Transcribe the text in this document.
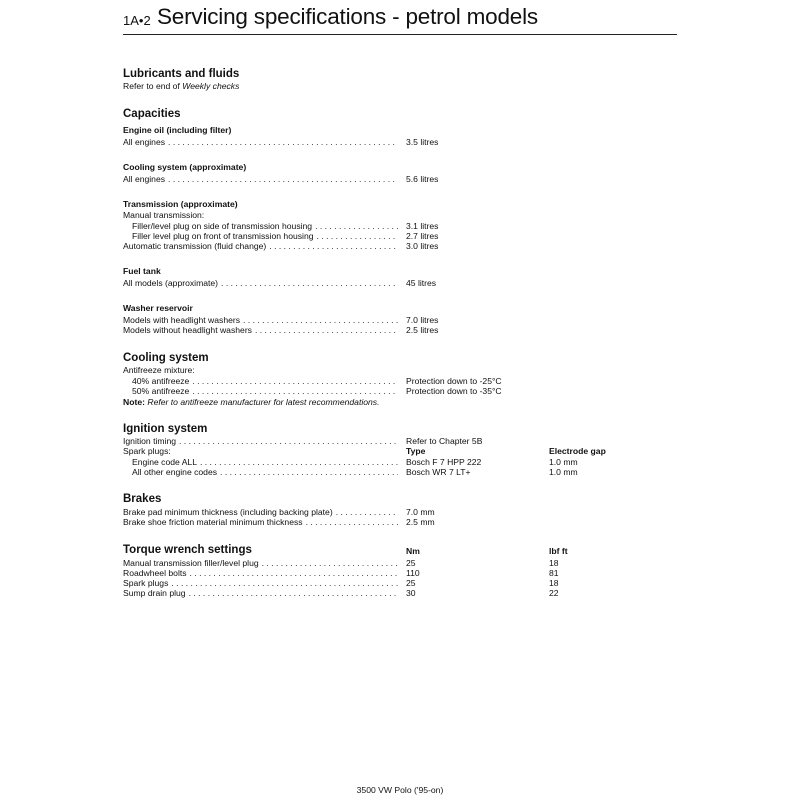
1A•2 Servicing specifications - petrol models
Lubricants and fluids
Refer to end of Weekly checks
Capacities
Engine oil (including filter)
All engines . . .	3.5 litres
Cooling system (approximate)
All engines . . .	5.6 litres
Transmission (approximate)
Manual transmission:
Filler/level plug on side of transmission housing . . .	3.1 litres
Filler level plug on front of transmission housing . . .	2.7 litres
Automatic transmission (fluid change) . . .	3.0 litres
Fuel tank
All models (approximate) . . .	45 litres
Washer reservoir
Models with headlight washers . . .	7.0 litres
Models without headlight washers . . .	2.5 litres
Cooling system
Antifreeze mixture:
40% antifreeze . . .	Protection down to -25°C
50% antifreeze . . .	Protection down to -35°C
Note: Refer to antifreeze manufacturer for latest recommendations.
Ignition system
Ignition timing . . .	Refer to Chapter 5B
Spark plugs:	Type	Electrode gap
Engine code ALL . . .	Bosch F 7 HPP 222	1.0 mm
All other engine codes . . .	Bosch WR 7 LT+	1.0 mm
Brakes
Brake pad minimum thickness (including backing plate) . . .	7.0 mm
Brake shoe friction material minimum thickness . . .	2.5 mm
Torque wrench settings	Nm	lbf ft
Manual transmission filler/level plug . . .	25	18
Roadwheel bolts . . .	110	81
Spark plugs . . .	25	18
Sump drain plug . . .	30	22
3500 VW Polo ('95-on)
